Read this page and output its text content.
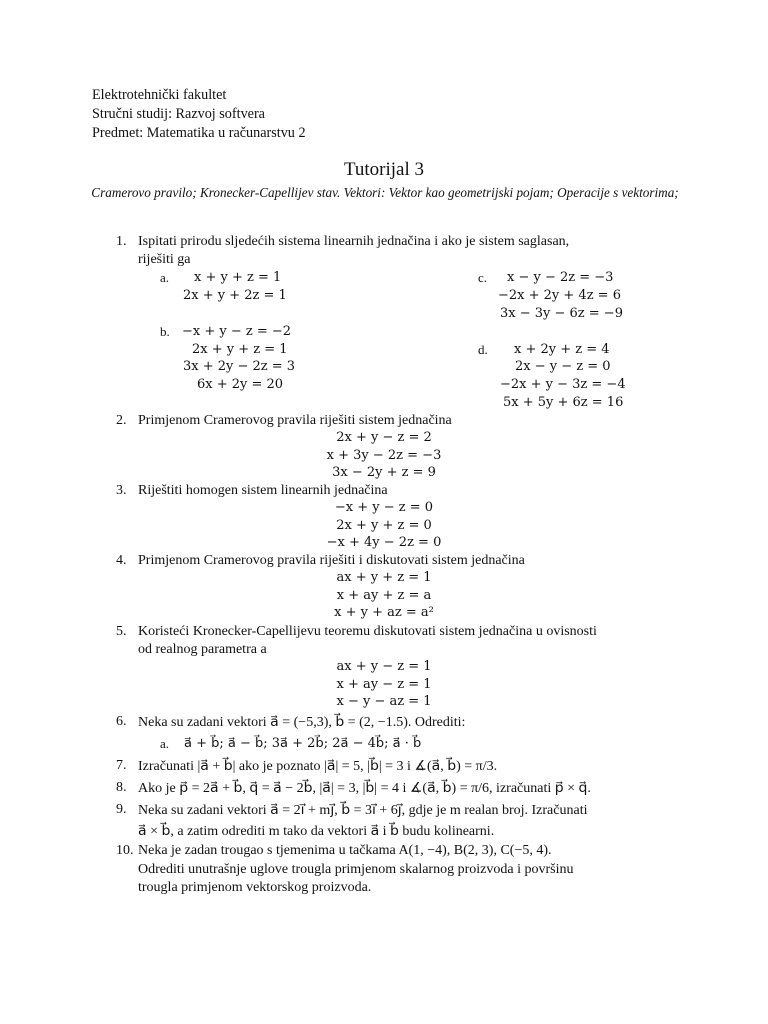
Elektrotehnički fakultet
Stručni studij: Razvoj softvera
Predmet: Matematika u računarstvu 2
Tutorijal 3
Cramerovo pravilo; Kronecker-Capellijev stav. Vektori: Vektor kao geometrijski pojam; Operacije s vektorima;
1. Ispitati prirodu sljedećih sistema linearnih jednačina i ako je sistem saglasan,
riješiti ga
a. x + y + z = 1
2x + y + 2z = 1
b. −x + y − z = −2
2x + y + z = 1
3x + 2y − 2z = 3
6x + 2y = 20
c. x − y − 2z = −3
−2x + 2y + 4z = 6
3x − 3y − 6z = −9
d. x + 2y + z = 4
2x − y − z = 0
−2x + y − 3z = −4
5x + 5y + 6z = 16
2. Primjenom Cramerovog pravila riješiti sistem jednačina
2x + y − z = 2
x + 3y − 2z = −3
3x − 2y + z = 9
3. Riještiti homogen sistem linearnih jednačina
−x + y − z = 0
2x + y + z = 0
−x + 4y − 2z = 0
4. Primjenom Cramerovog pravila riješiti i diskutovati sistem jednačina
ax + y + z = 1
x + ay + z = a
x + y + az = a²
5. Koristeći Kronecker-Capellijevu teoremu diskutovati sistem jednačina u ovisnosti
od realnog parametra a
ax + y − z = 1
x + ay − z = 1
x − y − az = 1
6. Neka su zadani vektori a⃗ = (−5,3), b⃗ = (2, −1.5). Odrediti:
a. a⃗ + b⃗; a⃗ − b⃗; 3a⃗ + 2b⃗; 2a⃗ − 4b⃗; a⃗ · b⃗
7. Izračunati |a⃗ + b⃗| ako je poznato |a⃗| = 5, |b⃗| = 3 i ∡(a⃗, b⃗) = π/3.
8. Ako je p⃗ = 2a⃗ + b⃗, q⃗ = a⃗ − 2b⃗, |a⃗| = 3, |b⃗| = 4 i ∡(a⃗, b⃗) = π/6, izračunati p⃗ × q⃗.
9. Neka su zadani vektori a⃗ = 2i⃗ + mj⃗, b⃗ = 3i⃗ + 6j⃗, gdje je m realan broj. Izračunati
a⃗ × b⃗, a zatim odrediti m tako da vektori a⃗ i b⃗ budu kolinearni.
10. Neka je zadan trougao s tjemenima u tačkama A(1, −4), B(2, 3), C(−5, 4).
Odrediti unutrašnje uglove trougla primjenom skalarnog proizvoda i površinu
trougla primjenom vektorskog proizvoda.
